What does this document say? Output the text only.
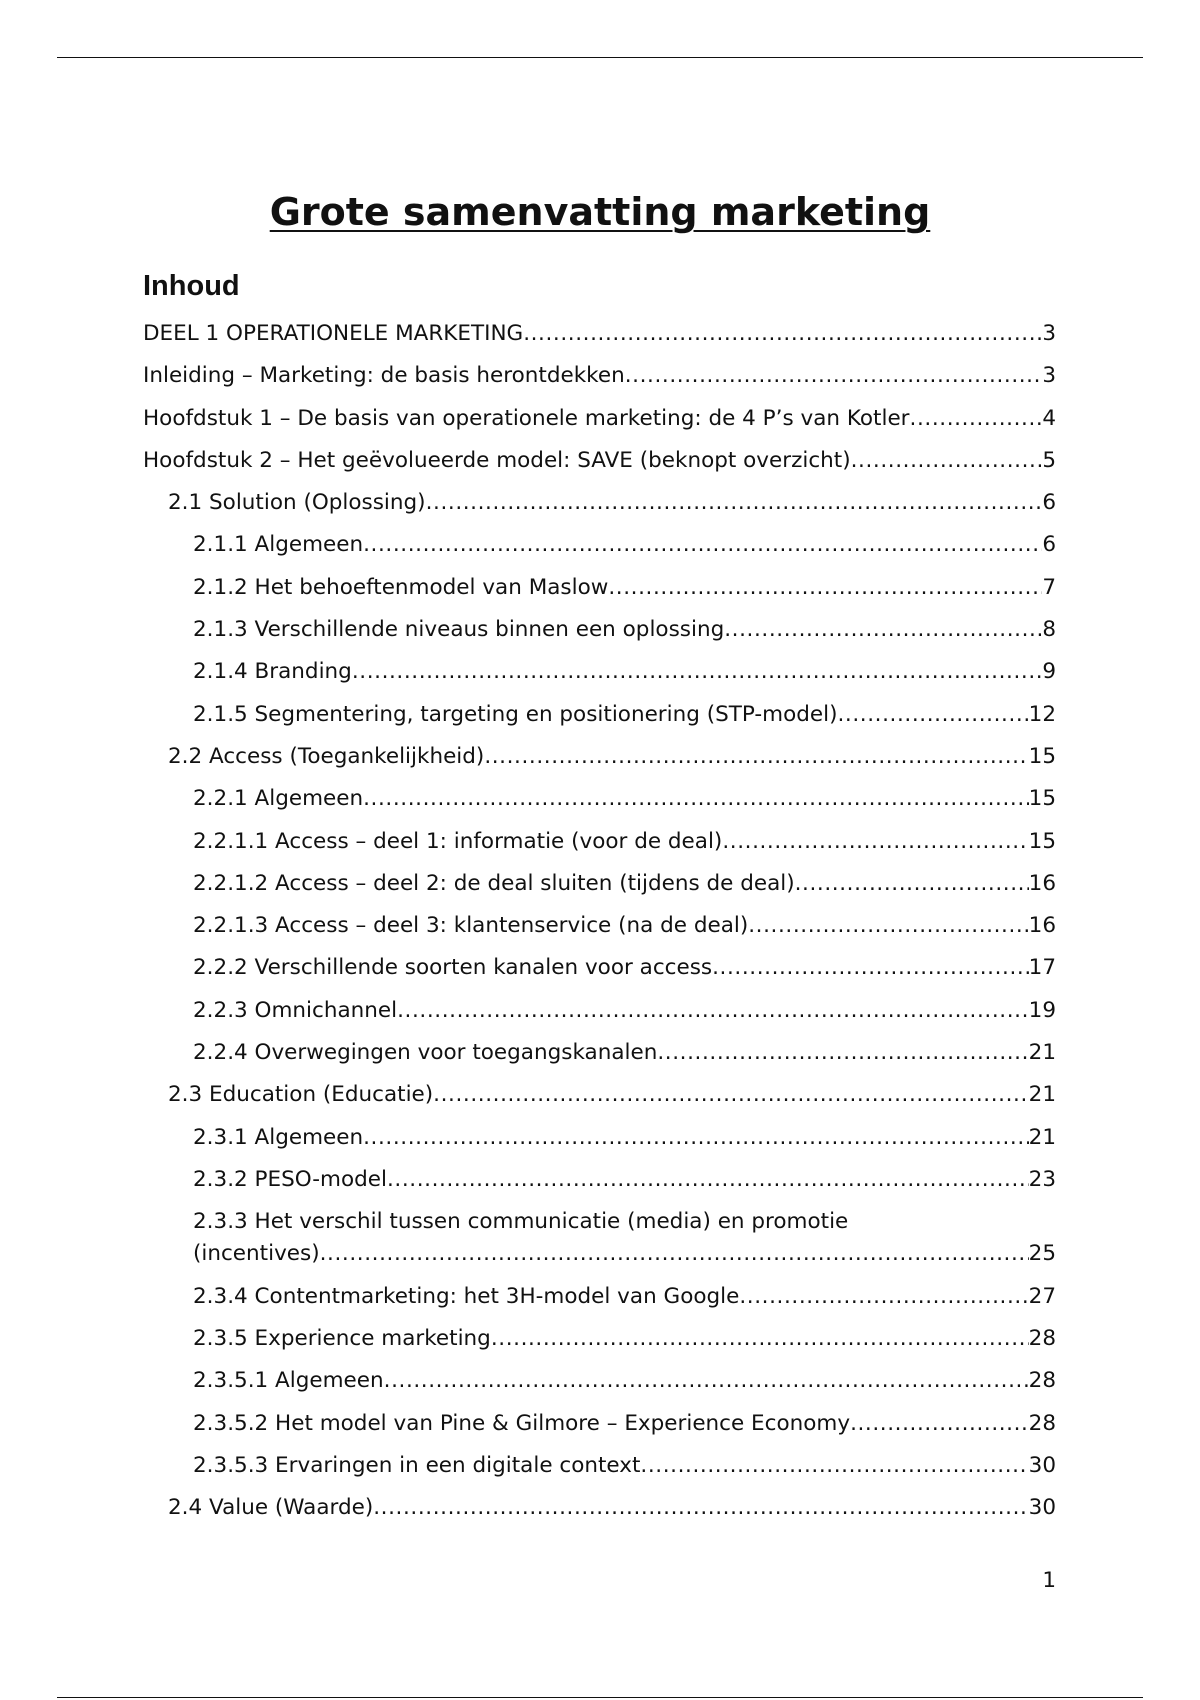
Grote samenvatting marketing
Inhoud
DEEL 1 OPERATIONELE MARKETING .....	3
Inleiding – Marketing: de basis herontdekken .....	3
Hoofdstuk 1 – De basis van operationele marketing: de 4 P’s van Kotler .....	4
Hoofdstuk 2 – Het geëvolueerde model: SAVE (beknopt overzicht) .....	5
2.1 Solution (Oplossing) .....	6
2.1.1 Algemeen .....	6
2.1.2 Het behoeftenmodel van Maslow .....	7
2.1.3 Verschillende niveaus binnen een oplossing .....	8
2.1.4 Branding .....	9
2.1.5 Segmentering, targeting en positionering (STP-model) .....	12
2.2 Access (Toegankelijkheid) .....	15
2.2.1 Algemeen .....	15
2.2.1.1 Access – deel 1: informatie (voor de deal) .....	15
2.2.1.2 Access – deel 2: de deal sluiten (tijdens de deal) .....	16
2.2.1.3 Access – deel 3: klantenservice (na de deal) .....	16
2.2.2 Verschillende soorten kanalen voor access .....	17
2.2.3 Omnichannel .....	19
2.2.4 Overwegingen voor toegangskanalen .....	21
2.3 Education (Educatie) .....	21
2.3.1 Algemeen .....	21
2.3.2 PESO-model .....	23
2.3.3 Het verschil tussen communicatie (media) en promotie
(incentives) .....	25
2.3.4 Contentmarketing: het 3H-model van Google .....	27
2.3.5 Experience marketing .....	28
2.3.5.1 Algemeen .....	28
2.3.5.2 Het model van Pine & Gilmore – Experience Economy .....	28
2.3.5.3 Ervaringen in een digitale context .....	30
2.4 Value (Waarde) .....	30
1
